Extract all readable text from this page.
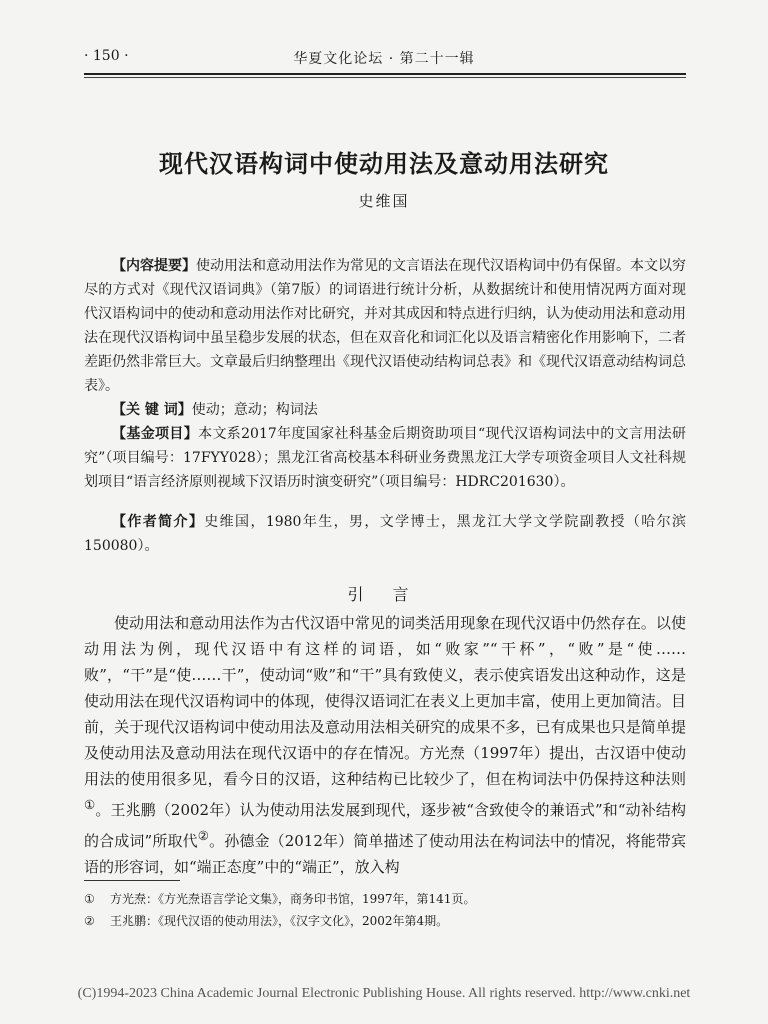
· 150 ·	华夏文化论坛 · 第二十一辑
现代汉语构词中使动用法及意动用法研究
史维国

【内容提要】使动用法和意动用法作为常见的文言语法在现代汉语构词中仍有保留。本文以穷尽的方式对《现代汉语词典》（第7版）的词语进行统计分析，从数据统计和使用情况两方面对现代汉语构词中的使动和意动用法作对比研究，并对其成因和特点进行归纳，认为使动用法和意动用法在现代汉语构词中虽呈稳步发展的状态，但在双音化和词汇化以及语言精密化作用影响下，二者差距仍然非常巨大。文章最后归纳整理出《现代汉语使动结构词总表》和《现代汉语意动结构词总表》。

【关 键 词】使动；意动；构词法

【基金项目】本文系2017年度国家社科基金后期资助项目“现代汉语构词法中的文言用法研究”（项目编号：17FYY028）；黑龙江省高校基本科研业务费黑龙江大学专项资金项目人文社科规划项目“语言经济原则视域下汉语历时演变研究”（项目编号：HDRC201630）。

【作者简介】史维国，1980年生，男，文学博士，黑龙江大学文学院副教授（哈尔滨 150080）。

引 言

使动用法和意动用法作为古代汉语中常见的词类活用现象在现代汉语中仍然存在。以使动用法为例，现代汉语中有这样的词语，如“败家”“干杯”，“败”是“使……败”，“干”是“使……干”，使动词“败”和“干”具有致使义，表示使宾语发出这种动作，这是使动用法在现代汉语构词中的体现，使得汉语词汇在表义上更加丰富，使用上更加简洁。目前，关于现代汉语构词中使动用法及意动用法相关研究的成果不多，已有成果也只是简单提及使动用法及意动用法在现代汉语中的存在情况。方光焘（1997年）提出，古汉语中使动用法的使用很多见，看今日的汉语，这种结构已比较少了，但在构词法中仍保持这种法则①。王兆鹏（2002年）认为使动用法发展到现代，逐步被“含致使令的兼语式”和“动补结构的合成词”所取代②。孙德金（2012年）简单描述了使动用法在构词法中的情况，将能带宾语的形容词，如“端正态度”中的“端正”，放入构

① 方光焘：《方光焘语言学论文集》，商务印书馆，1997年，第141页。

② 王兆鹏：《现代汉语的使动用法》，《汉字文化》，2002年第4期。

(C)1994-2023 China Academic Journal Electronic Publishing House. All rights reserved. http://www.cnki.net
